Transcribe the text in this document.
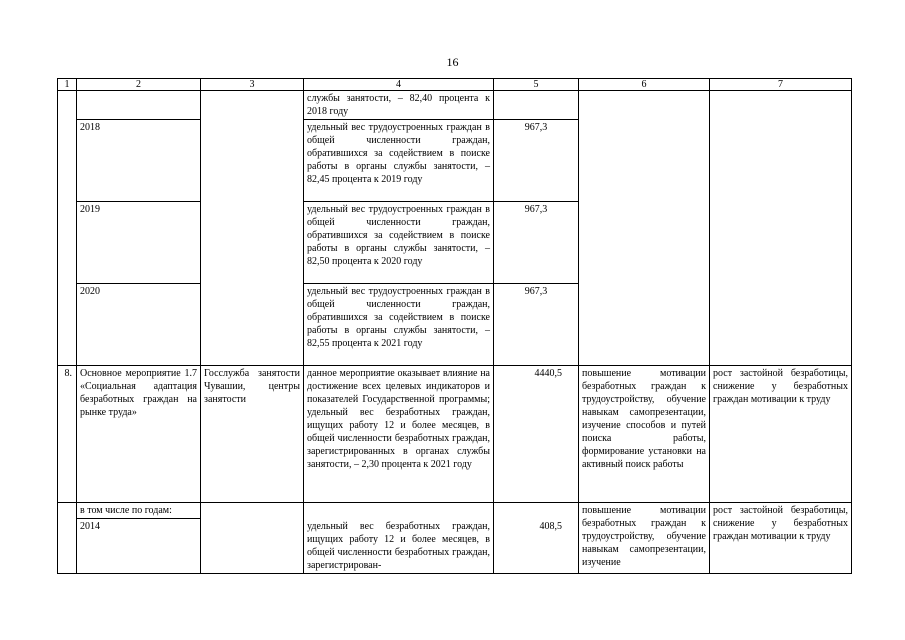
16
1	2	3	4	5	6	7
			службы занятости, – 82,40 процента к 2018 году			
	2018		удельный вес трудоустроенных граждан в общей численности граждан, обратившихся за содействием в поиске работы в органы службы занятости, – 82,45 процента к 2019 году	967,3		
	2019		удельный вес трудоустроенных граждан в общей численности граждан, обратившихся за содействием в поиске работы в органы службы занятости, – 82,50 процента к 2020 году	967,3		
	2020		удельный вес трудоустроенных граждан в общей численности граждан, обратившихся за содействием в поиске работы в органы службы занятости, – 82,55 процента к 2021 году	967,3		
8.	Основное мероприятие 1.7 «Социальная адаптация безработных граждан на рынке труда»	Госслужба занятости Чувашии, центры занятости	данное мероприятие оказывает влияние на достижение всех целевых индикаторов и показателей Государственной программы; удельный вес безработных граждан, ищущих работу 12 и более месяцев, в общей численности безработных граждан, зарегистрированных в органах службы занятости, – 2,30 процента к 2021 году	4440,5	повышение мотивации безработных граждан к трудоустройству, обучение навыкам самопрезентации, изучение способов и путей поиска работы, формирование установки на активный поиск работы	рост застойной безработицы, снижение у безработных граждан мотивации к труду
	в том числе по годам:				повышение мотивации безработных граждан к трудоустройству, обучение навыкам самопрезентации, изучение	рост застойной безработицы, снижение у безработных граждан мотивации к труду
	2014		удельный вес безработных граждан, ищущих работу 12 и более месяцев, в общей численности безработных граждан, зарегистрирован-	408,5		
